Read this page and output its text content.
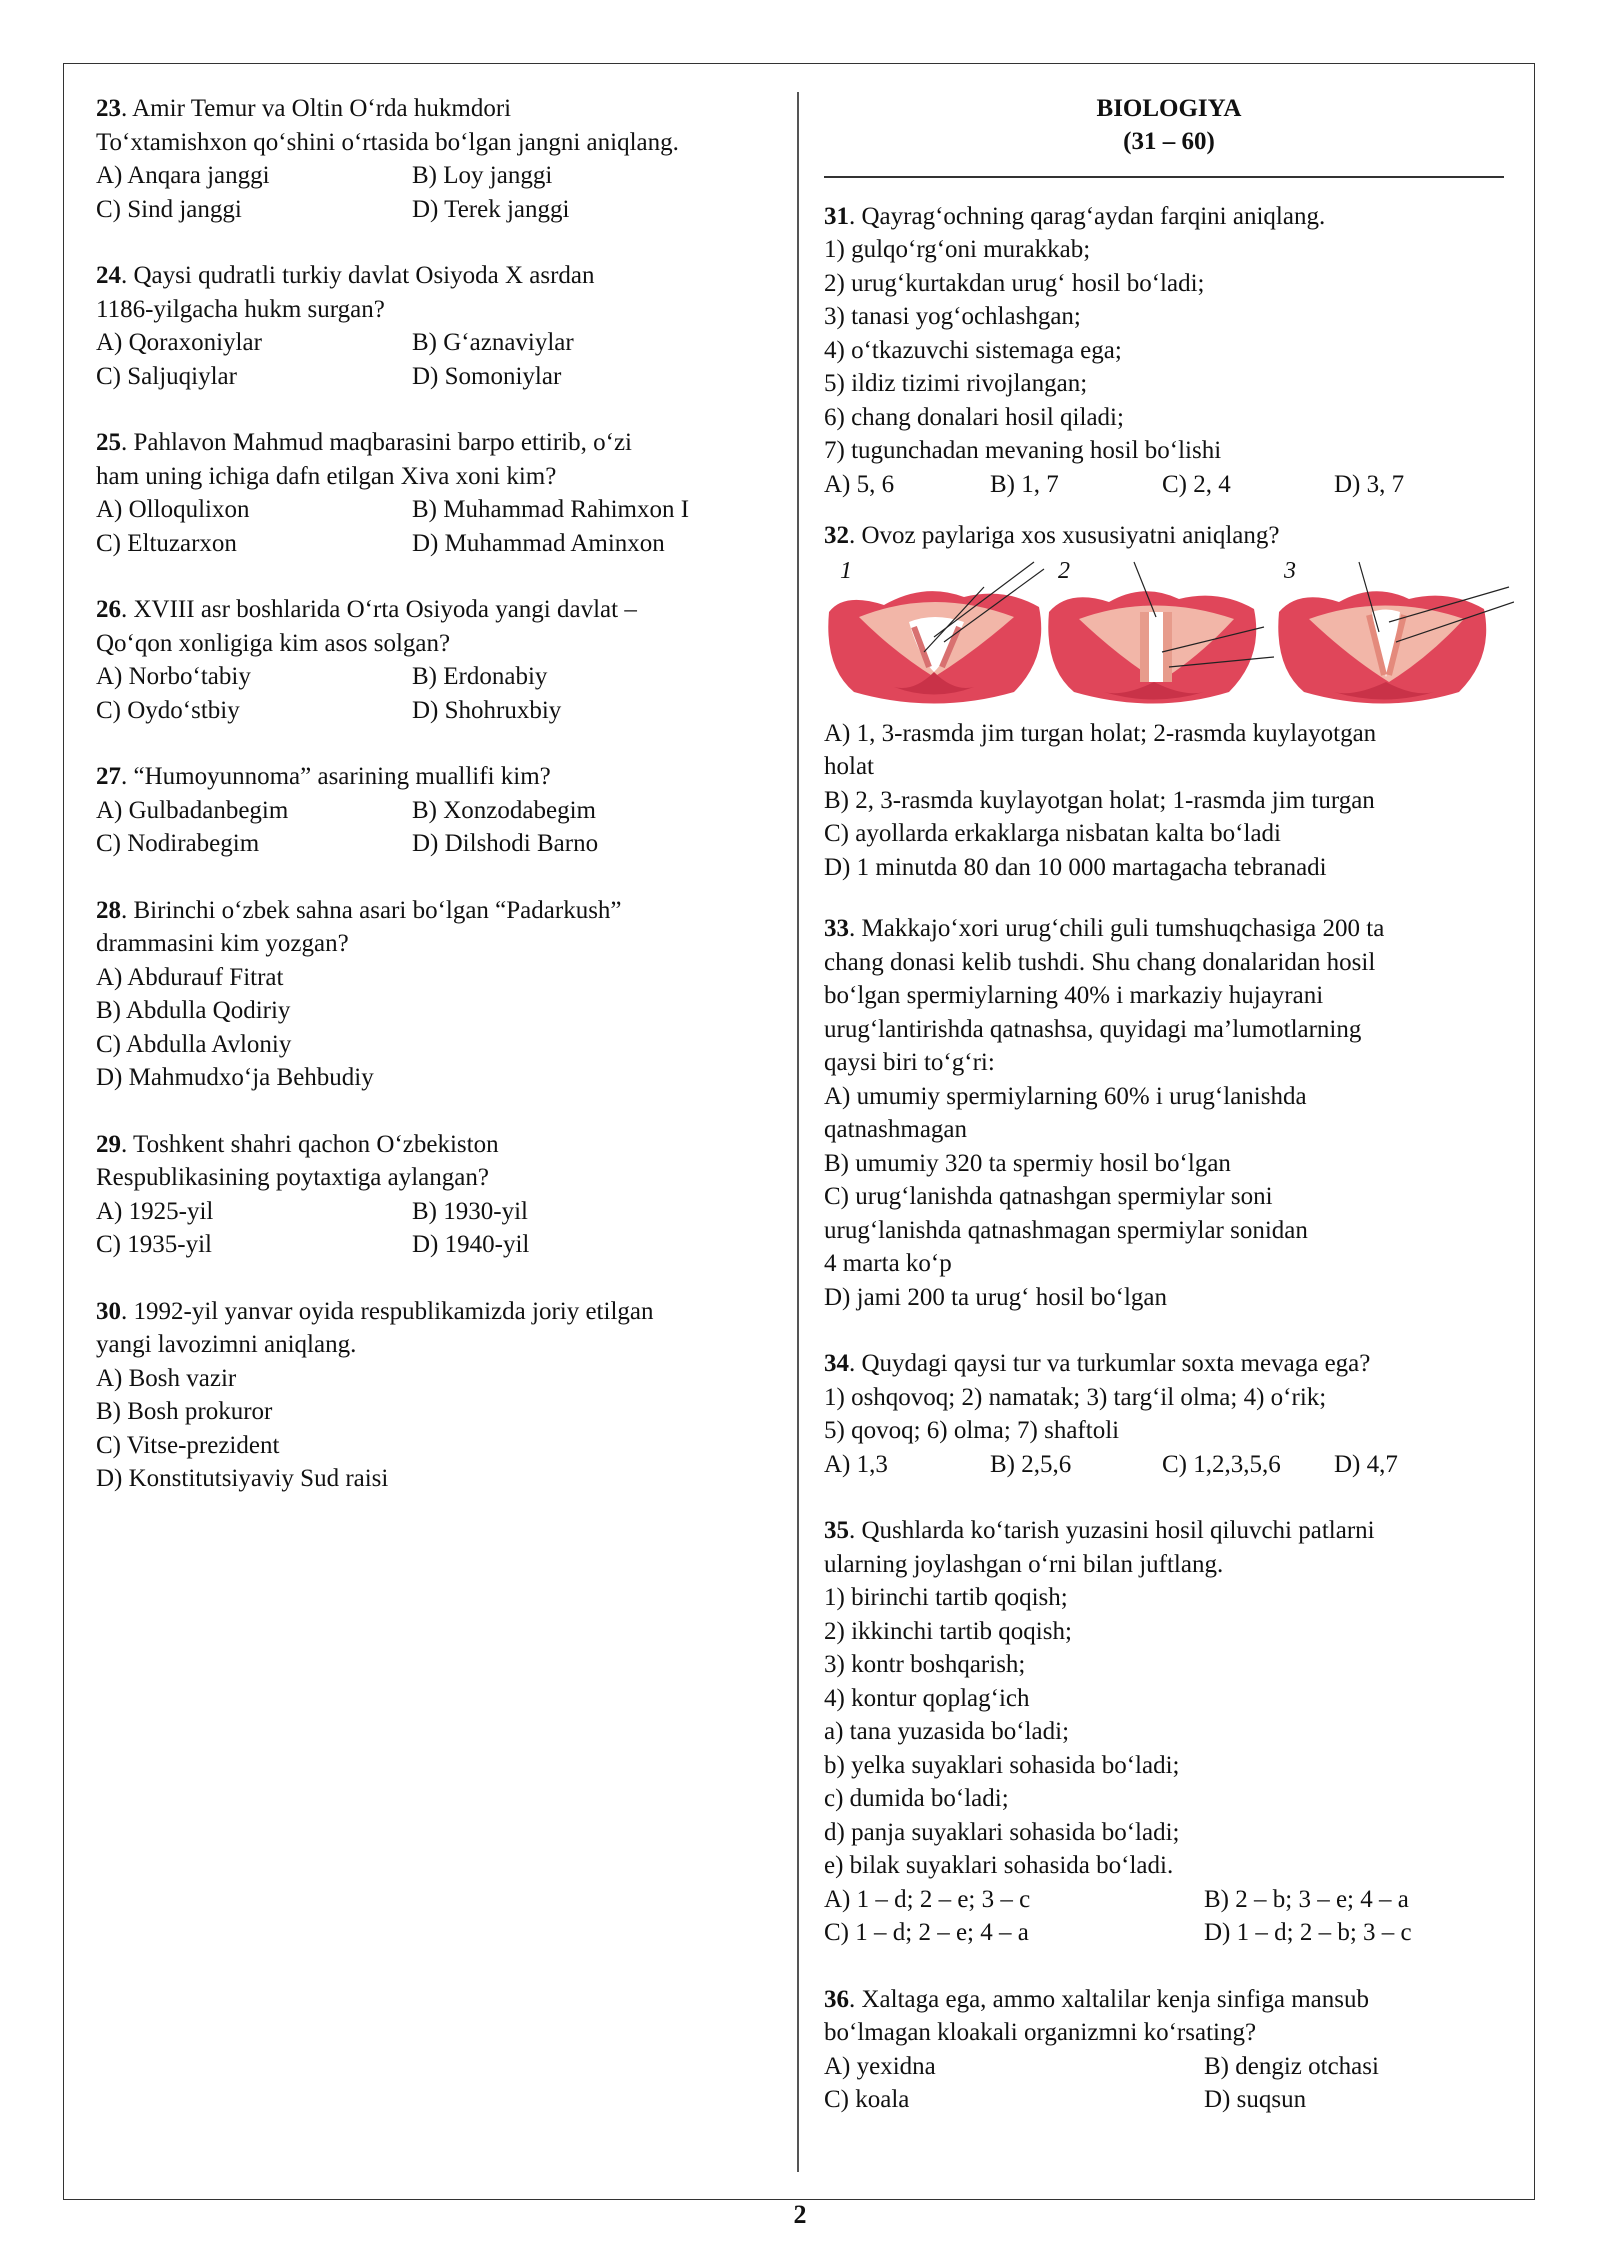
23. Amir Temur va Oltin O‘rda hukmdori
To‘xtamishxon qo‘shini o‘rtasida bo‘lgan jangni aniqlang.
A) Anqara janggi	B) Loy janggi
C) Sind janggi	D) Terek janggi
24. Qaysi qudratli turkiy davlat Osiyoda X asrdan
1186-yilgacha hukm surgan?
A) Qoraxoniylar	B) G‘aznaviylar
C) Saljuqiylar	D) Somoniylar
25. Pahlavon Mahmud maqbarasini barpo ettirib, o‘zi
ham uning ichiga dafn etilgan Xiva xoni kim?
A) Olloqulixon	B) Muhammad Rahimxon I
C) Eltuzarxon	D) Muhammad Aminxon
26. XVIII asr boshlarida O‘rta Osiyoda yangi davlat –
Qo‘qon xonligiga kim asos solgan?
A) Norbo‘tabiy	B) Erdonabiy
C) Oydo‘stbiy	D) Shohruxbiy
27. “Humoyunnoma” asarining muallifi kim?
A) Gulbadanbegim	B) Xonzodabegim
C) Nodirabegim	D) Dilshodi Barno
28. Birinchi o‘zbek sahna asari bo‘lgan “Padarkush”
drammasini kim yozgan?
A) Abdurauf Fitrat
B) Abdulla Qodiriy
C) Abdulla Avloniy
D) Mahmudxo‘ja Behbudiy
29. Toshkent shahri qachon O‘zbekiston
Respublikasining poytaxtiga aylangan?
A) 1925-yil	B) 1930-yil
C) 1935-yil	D) 1940-yil
30. 1992-yil yanvar oyida respublikamizda joriy etilgan
yangi lavozimni aniqlang.
A) Bosh vazir
B) Bosh prokuror
C) Vitse-prezident
D) Konstitutsiyaviy Sud raisi
BIOLOGIYA
(31 – 60)
31. Qayrag‘ochning qarag‘aydan farqini aniqlang.
1) gulqo‘rg‘oni murakkab;
2) urug‘kurtakdan urug‘ hosil bo‘ladi;
3) tanasi yog‘ochlashgan;
4) o‘tkazuvchi sistemaga ega;
5) ildiz tizimi rivojlangan;
6) chang donalari hosil qiladi;
7) tugunchadan mevaning hosil bo‘lishi
A) 5, 6	B) 1, 7	C) 2, 4	D) 3, 7
32. Ovoz paylariga xos xususiyatni aniqlang?
1	2	3
A) 1, 3-rasmda jim turgan holat; 2-rasmda kuylayotgan
holat
B) 2, 3-rasmda kuylayotgan holat; 1-rasmda jim turgan
C) ayollarda erkaklarga nisbatan kalta bo‘ladi
D) 1 minutda 80 dan 10 000 martagacha tebranadi
33. Makkajo‘xori urug‘chili guli tumshuqchasiga 200 ta
chang donasi kelib tushdi. Shu chang donalaridan hosil
bo‘lgan spermiylarning 40% i markaziy hujayrani
urug‘lantirishda qatnashsa, quyidagi ma’lumotlarning
qaysi biri to‘g‘ri:
A) umumiy spermiylarning 60% i urug‘lanishda
qatnashmagan
B) umumiy 320 ta spermiy hosil bo‘lgan
C) urug‘lanishda qatnashgan spermiylar soni
urug‘lanishda qatnashmagan spermiylar sonidan
4 marta ko‘p
D) jami 200 ta urug‘ hosil bo‘lgan
34. Quydagi qaysi tur va turkumlar soxta mevaga ega?
1) oshqovoq; 2) namatak; 3) targ‘il olma; 4) o‘rik;
5) qovoq; 6) olma; 7) shaftoli
A) 1,3	B) 2,5,6	C) 1,2,3,5,6	D) 4,7
35. Qushlarda ko‘tarish yuzasini hosil qiluvchi patlarni
ularning joylashgan o‘rni bilan juftlang.
1) birinchi tartib qoqish;
2) ikkinchi tartib qoqish;
3) kontr boshqarish;
4) kontur qoplag‘ich
a) tana yuzasida bo‘ladi;
b) yelka suyaklari sohasida bo‘ladi;
c) dumida bo‘ladi;
d) panja suyaklari sohasida bo‘ladi;
e) bilak suyaklari sohasida bo‘ladi.
A) 1 – d; 2 – e; 3 – c	B) 2 – b; 3 – e; 4 – a
C) 1 – d; 2 – e; 4 – a	D) 1 – d; 2 – b; 3 – c
36. Xaltaga ega, ammo xaltalilar kenja sinfiga mansub
bo‘lmagan kloakali organizmni ko‘rsating?
A) yexidna	B) dengiz otchasi
C) koala	D) suqsun
2
